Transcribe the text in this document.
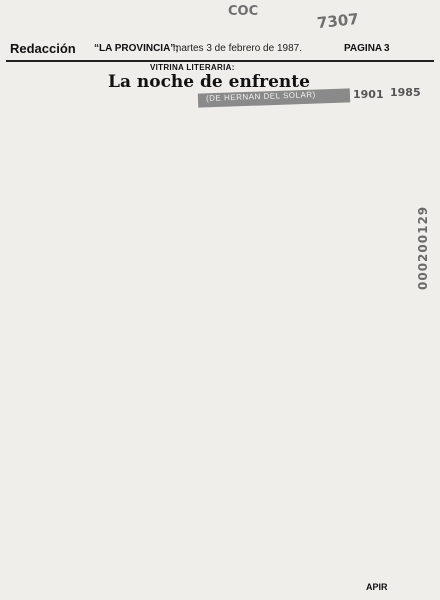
COC	7307
Redacción “LA PROVINCIA”;
martes 3 de febrero de 1987.	PAGINA 3
VITRINA LITERARIA:
La noche de enfrente
(DE HERNAN DEL SOLAR)	1901 1985
000200129
APIR
